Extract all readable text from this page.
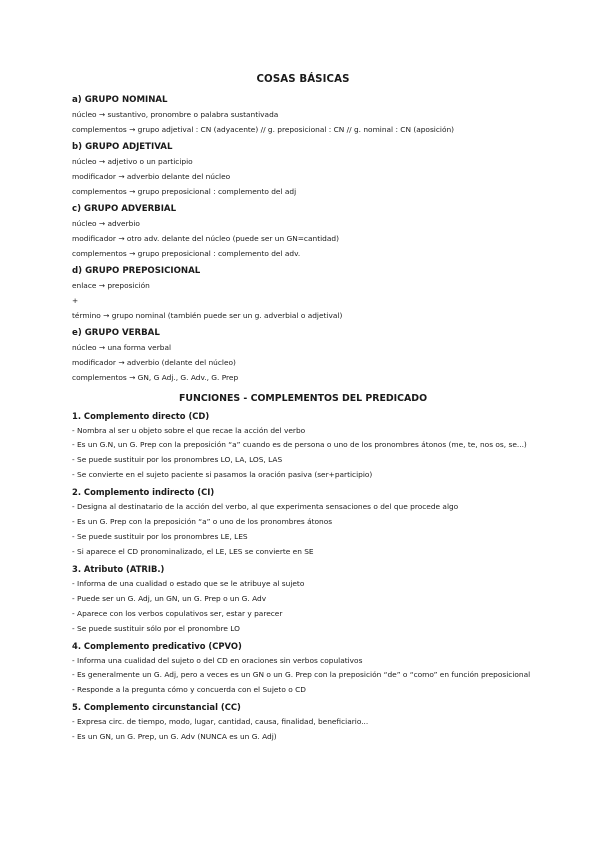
COSAS BÁSICAS
a) GRUPO NOMINAL
núcleo → sustantivo, pronombre o palabra sustantivada
complementos → grupo adjetival : CN (adyacente) // g. preposicional : CN // g. nominal : CN (aposición)
b) GRUPO ADJETIVAL
núcleo → adjetivo o un participio
modificador → adverbio delante del núcleo
complementos → grupo preposicional : complemento del adj
c) GRUPO ADVERBIAL
núcleo → adverbio
modificador → otro adv. delante del núcleo (puede ser un GN=cantidad)
complementos → grupo preposicional : complemento del adv.
d) GRUPO PREPOSICIONAL
enlace → preposición
+
término → grupo nominal (también puede ser un g. adverbial o adjetival)
e) GRUPO VERBAL
núcleo → una forma verbal
modificador → adverbio (delante del núcleo)
complementos → GN, G Adj., G. Adv., G. Prep
FUNCIONES - COMPLEMENTOS DEL PREDICADO
1. Complemento directo (CD)
- Nombra al ser u objeto sobre el que recae la acción del verbo
- Es un G.N, un G. Prep con la preposición “a” cuando es de persona o uno de los pronombres átonos (me, te, nos os, se...)
- Se puede sustituir por los pronombres LO, LA, LOS, LAS
- Se convierte en el sujeto paciente si pasamos la oración pasiva (ser+participio)
2. Complemento indirecto (CI)
- Designa al destinatario de la acción del verbo, al que experimenta sensaciones o del que procede algo
- Es un G. Prep con la preposición “a” o uno de los pronombres átonos
- Se puede sustituir por los pronombres LE, LES
- Si aparece el CD pronominalizado, el LE, LES se convierte en SE
3. Atributo (ATRIB.)
- Informa de una cualidad o estado que se le atribuye al sujeto
- Puede ser un G. Adj, un GN, un G. Prep o un G. Adv
- Aparece con los verbos copulativos ser, estar y parecer
- Se puede sustituir sólo por el pronombre LO
4. Complemento predicativo (CPVO)
- Informa una cualidad del sujeto o del CD en oraciones sin verbos copulativos
- Es generalmente un G. Adj, pero a veces es un GN o un G. Prep con la preposición “de” o “como” en función preposicional
- Responde a la pregunta cómo y concuerda con el Sujeto o CD
5. Complemento circunstancial (CC)
- Expresa circ. de tiempo, modo, lugar, cantidad, causa, finalidad, beneficiario...
- Es un GN, un G. Prep, un G. Adv (NUNCA es un G. Adj)
